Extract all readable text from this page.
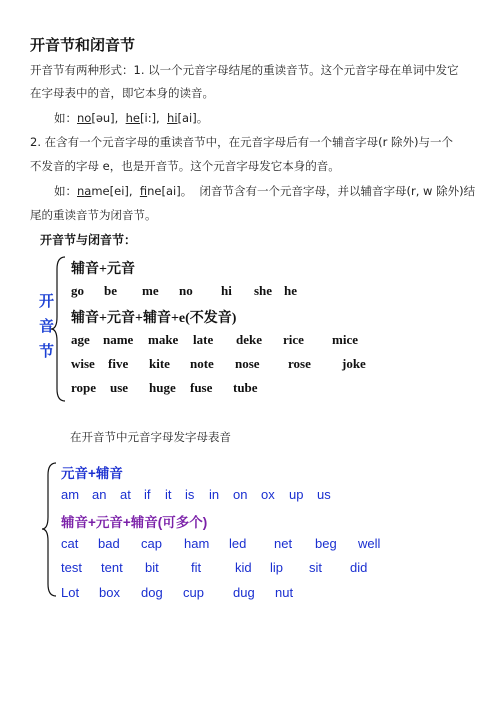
开音节和闭音节
开音节有两种形式：1. 以一个元音字母结尾的重读音节。这个元音字母在单词中发它
在字母表中的音，即它本身的读音。
如：no[əu], he[i:], hi[ai]。
2. 在含有一个元音字母的重读音节中，在元音字母后有一个辅音字母(r 除外)与一个
不发音的字母 e，也是开音节。这个元音字母发它本身的音。
如：name[ei], fne[ai]。 闭音节含有一个元音字母，并以辅音字母(r, w 除外)结
尾的重读音节为闭音节。
开音节与闭音节：
开
音
节
辅音+元音
go be me no hi she he
辅音+元音+辅音+e(不发音)
age name make late deke rice mice
wise five kite note nose rose joke
rope use huge fuse tube
在开音节中元音字母发字母表音
元音+辅音
am an at if it is in on ox up us
辅音+元音+辅音(可多个)
cat bad cap ham led net beg well
test tent bit fit	kid lip sit did
Lot box dog cup dug nut
